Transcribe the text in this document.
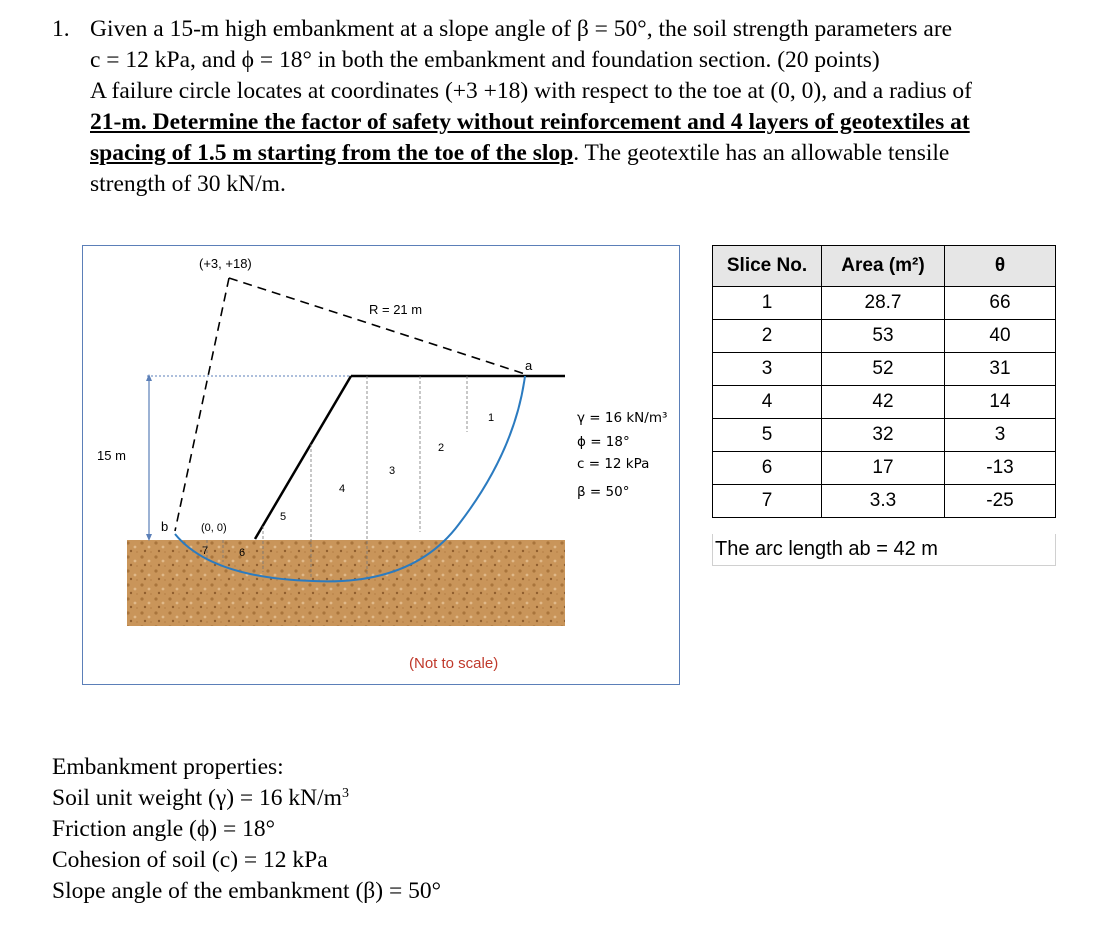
1. Given a 15-m high embankment at a slope angle of β = 50°, the soil strength parameters are
c = 12 kPa, and ϕ = 18° in both the embankment and foundation section. (20 points)
A failure circle locates at coordinates (+3 +18) with respect to the toe at (0, 0), and a radius of
21-m. Determine the factor of safety without reinforcement and 4 layers of geotextiles at
spacing of 1.5 m starting from the toe of the slop. The geotextile has an allowable tensile
strength of 30 kN/m.
(+3, +18)
R = 21 m
15 m
a
b	(0, 0)
1
2
3
4
5
6
7
γ = 16 kN/m³
ϕ = 18°
c = 12 kPa
β = 50°
(Not to scale)
Slice No.	Area (m²)	θ
1	28.7	66
2	53	40
3	52	31
4	42	14
5	32	3
6	17	-13
7	3.3	-25
The arc length ab = 42 m
Embankment properties:
Soil unit weight (γ) = 16 $kN/m^3$
Friction angle (ϕ) = 18°
Cohesion of soil (c) = 12 kPa
Slope angle of the embankment (β) = 50°
